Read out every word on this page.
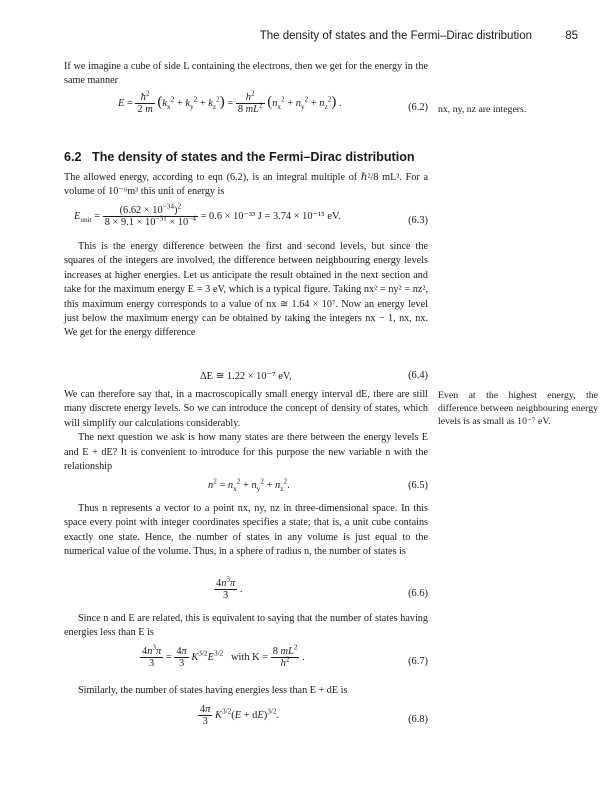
The density of states and the Fermi–Dirac distribution	85

If we imagine a cube of side L containing the electrons, then we get for the energy in the same manner

$E = \frac{ħ^2}{2 m} (k_x^2 + k_y^2 + k_z^2) = \frac{h^2}{8 mL^2} (n_x^2 + n_y^2 + n_z^2)$ .	(6.2) nx, ny, nz are integers.
6.2 The density of states and the Fermi–Dirac distribution

The allowed energy, according to eqn (6.2), is an integral multiple of ℏ²/8 mL². For a volume of 10⁻⁶m³ this unit of energy is

$E_{unit} = \frac{(6.62 \times 10^{-34})^2}{8 \times 9.1 \times 10^{-31} \times 10^{-4}} = 0.6 \times 10^{-33}$ J = 3.74 × 10⁻¹⁵ eV.	(6.3)

This is the energy difference between the first and second levels, but since the squares of the integers are involved, the difference between neighbouring energy levels increases at higher energies. Let us anticipate the result obtained in the next section and take for the maximum energy E = 3 eV, which is a typical figure. Taking nx² = ny² = nz², this maximum energy corresponds to a value of nx ≅ 1.64 × 10⁷. Now an energy level just below the maximum energy can be obtained by taking the integers nx − 1, nx, nx. We get for the energy difference

ΔE ≅ 1.22 × 10⁻⁷ eV,	(6.4)

We can therefore say that, in a macroscopically small energy interval dE, there are still many discrete energy levels. So we can introduce the concept of density of states, which will simplify our calculations considerably.

The next question we ask is how many states are there between the energy levels E and E + dE? It is convenient to introduce for this purpose the new variable n with the relationship

Even at the highest energy, the difference between neighbouring energy levels is as small as 10⁻⁷ eV.
$n^2 = n_x^2 + n_y^2 + n_z^2$.	(6.5)

Thus n represents a vector to a point nx, ny, nz in three-dimensional space. In this space every point with integer coordinates specifies a state; that is, a unit cube contains exactly one state. Hence, the number of states in any volume is just equal to the numerical value of the volume. Thus, in a sphere of radius n, the number of states is

$\frac{4n^3\pi}{3}$ .	(6.6)

Since n and E are related, this is equivalent to saying that the number of states having energies less than E is

$\frac{4n^3\pi}{3} = \frac{4\pi}{3} K^{3/2}E^{3/2}$ with $K = \frac{8 mL^2}{h^2}$ .	(6.7)

Similarly, the number of states having energies less than E + dE is

$\frac{4\pi}{3} K^{3/2}(E + dE)^{3/2}$.	(6.8)
